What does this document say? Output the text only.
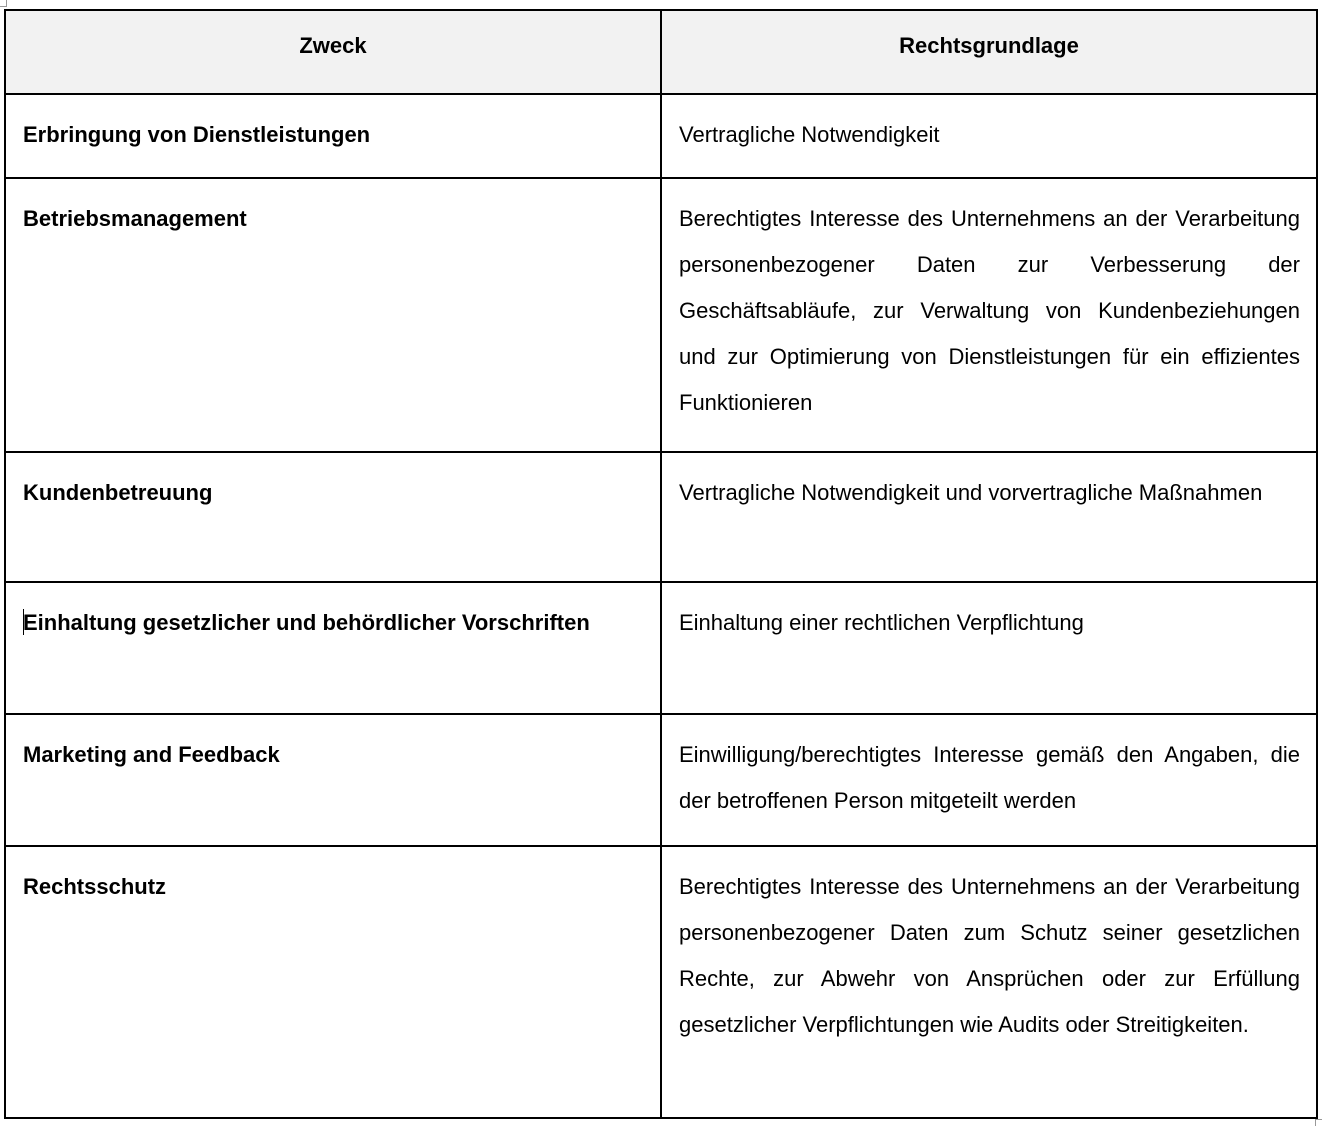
Zweck	Rechtsgrundlage
Erbringung von Dienstleistungen	Vertragliche Notwendigkeit
Betriebsmanagement	Berechtigtes Interesse des Unternehmens an der Verarbeitung personenbezogener Daten zur Verbesserung der Geschäftsabläufe, zur Verwaltung von Kundenbeziehungen und zur Optimierung von Dienstleistungen für ein effizientes Funktionieren
Kundenbetreuung	Vertragliche Notwendigkeit und vorvertragliche Maßnahmen
Einhaltung gesetzlicher und behördlicher Vorschriften	Einhaltung einer rechtlichen Verpflichtung
Marketing and Feedback	Einwilligung/berechtigtes Interesse gemäß den Angaben, die der betroffenen Person mitgeteilt werden
Rechtsschutz	Berechtigtes Interesse des Unternehmens an der Verarbeitung personenbezogener Daten zum Schutz seiner gesetzlichen Rechte, zur Abwehr von Ansprüchen oder zur Erfüllung gesetzlicher Verpflichtungen wie Audits oder Streitigkeiten.
